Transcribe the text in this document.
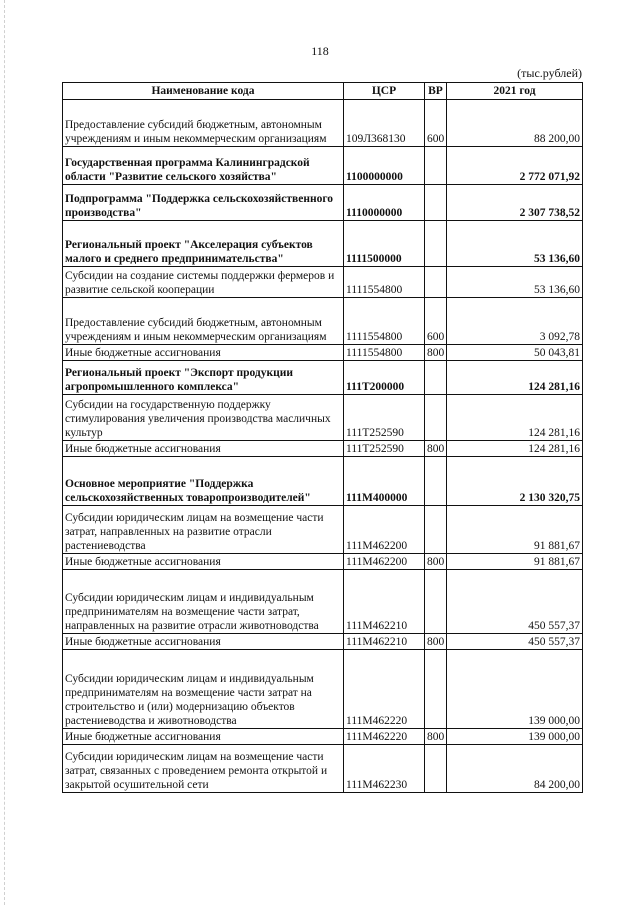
118
(тыс.рублей)
Наименование кода	ЦСР	ВР	2021 год
Предоставление субсидий бюджетным, автономным учреждениям и иным некоммерческим организациям	109Л368130	600	88 200,00
Государственная программа Калининградской области "Развитие сельского хозяйства"	1100000000		2 772 071,92
Подпрограмма "Поддержка сельскохозяйственного производства"	1110000000		2 307 738,52
Региональный проект "Акселерация субъектов малого и среднего предпринимательства"	1111500000		53 136,60
Субсидии на создание системы поддержки фермеров и развитие сельской кооперации	1111554800		53 136,60
Предоставление субсидий бюджетным, автономным учреждениям и иным некоммерческим организациям	1111554800	600	3 092,78
Иные бюджетные ассигнования	1111554800	800	50 043,81
Региональный проект "Экспорт продукции агропромышленного комплекса"	111T200000		124 281,16
Субсидии на государственную поддержку стимулирования увеличения производства масличных культур	111T252590		124 281,16
Иные бюджетные ассигнования	111T252590	800	124 281,16
Основное мероприятие "Поддержка сельскохозяйственных товаропроизводителей"	111M400000		2 130 320,75
Субсидии юридическим лицам на возмещение части затрат, направленных на развитие отрасли растениеводства	111M462200		91 881,67
Иные бюджетные ассигнования	111M462200	800	91 881,67
Субсидии юридическим лицам и индивидуальным предпринимателям на возмещение части затрат, направленных на развитие отрасли животноводства	111M462210		450 557,37
Иные бюджетные ассигнования	111M462210	800	450 557,37
Субсидии юридическим лицам и индивидуальным предпринимателям на возмещение части затрат на строительство и (или) модернизацию объектов растениеводства и животноводства	111M462220		139 000,00
Иные бюджетные ассигнования	111M462220	800	139 000,00
Субсидии юридическим лицам на возмещение части затрат, связанных с проведением ремонта открытой и закрытой осушительной сети	111M462230		84 200,00
